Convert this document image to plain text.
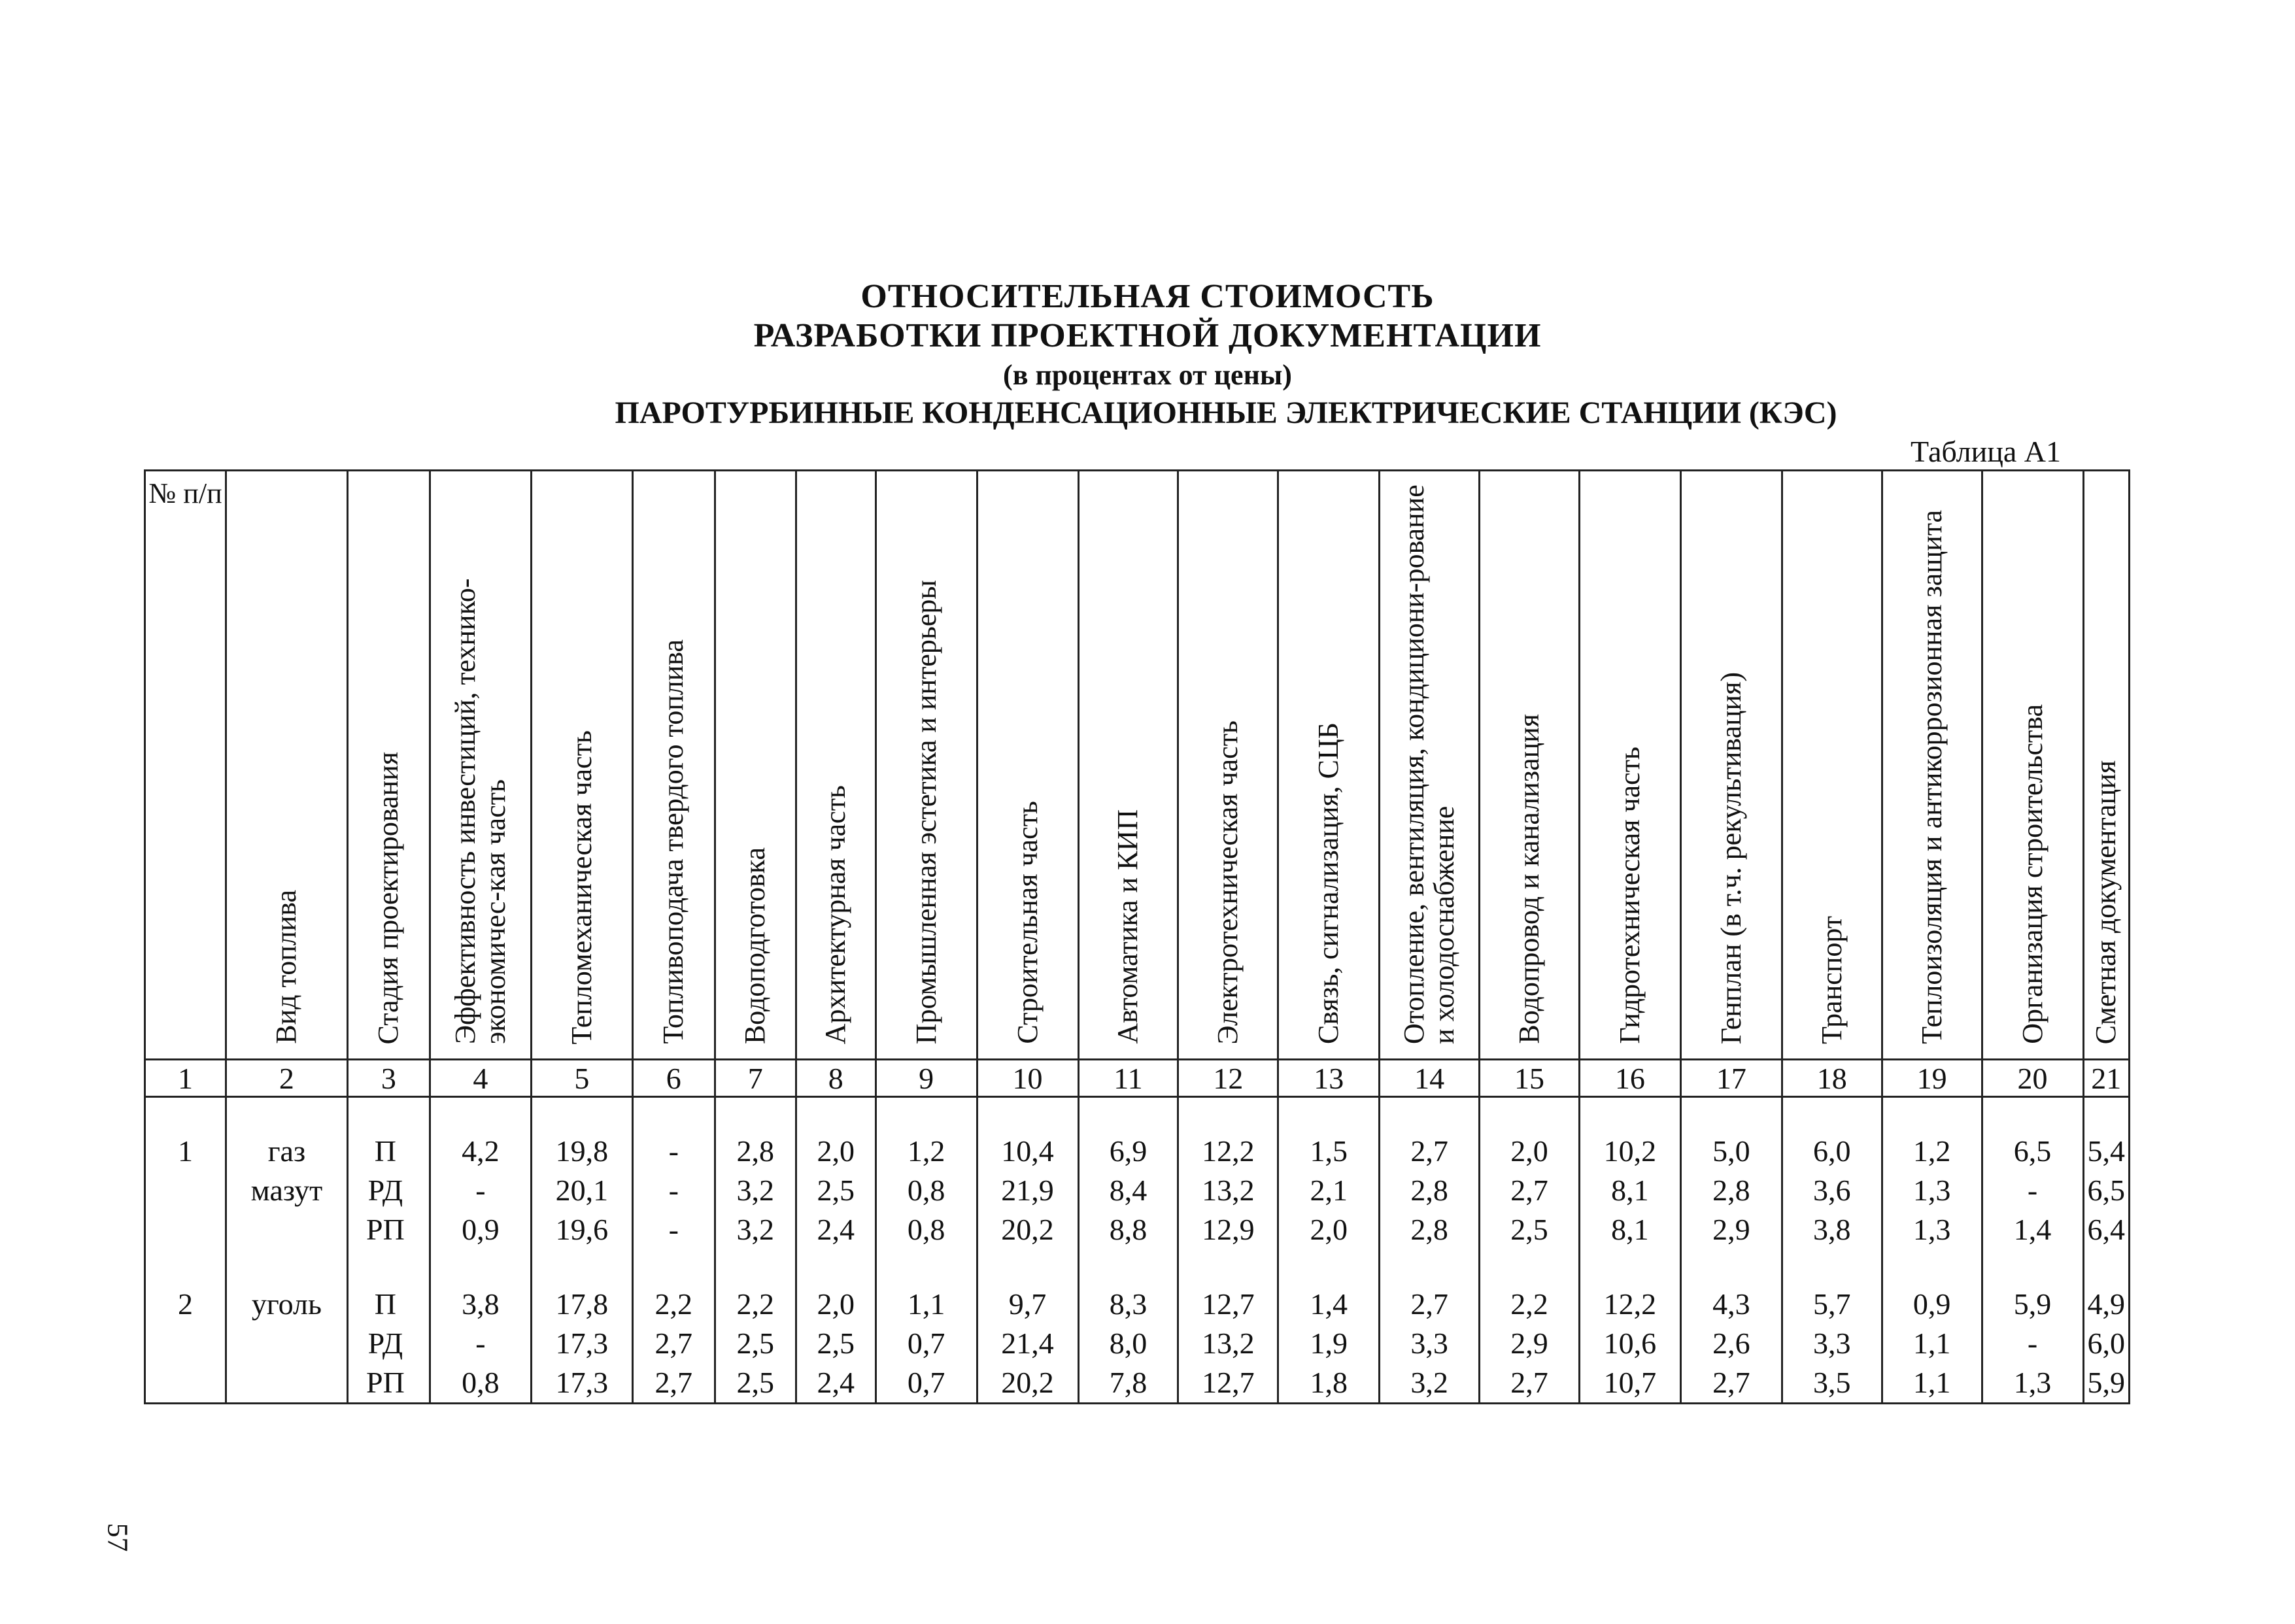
ОТНОСИТЕЛЬНАЯ СТОИМОСТЬ
РАЗРАБОТКИ ПРОЕКТНОЙ ДОКУМЕНТАЦИИ
(в процентах от цены)
ПАРОТУРБИННЫЕ КОНДЕНСАЦИОННЫЕ ЭЛЕКТРИЧЕСКИЕ СТАНЦИИ (КЭС)
Таблица А1
№ п/п	Вид топлива	Стадия проектирования	Эффективность инвестиций, технико-экономичес-кая часть	Тепломеханическая часть	Топливоподача твердого топлива	Водоподготовка	Архитектурная часть	Промышленная эстетика и интерьеры	Строительная часть	Автоматика и КИП	Электротехническая часть	Связь, сигнализация, СЦБ	Отопление, вентиляция, кондициони-рование и холодоснабжение	Водопровод и канализация	Гидротехническая часть	Генплан (в т.ч. рекультивация)	Транспорт	Теплоизоляция и антикоррозионная защита	Организация строительства	Сметная документация

1	2	3	4	5	6	7	8	9	10	11	12	13	14	15	16	17	18	19	20	21

1	газ	П	4,2	19,8	-	2,8	2,0	1,2	10,4	6,9	12,2	1,5	2,7	2,0	10,2	5,0	6,0	1,2	6,5	5,4
	мазут	РД	-	20,1	-	3,2	2,5	0,8	21,9	8,4	13,2	2,1	2,8	2,7	8,1	2,8	3,6	1,3	-	6,5
		РП	0,9	19,6	-	3,2	2,4	0,8	20,2	8,8	12,9	2,0	2,8	2,5	8,1	2,9	3,8	1,3	1,4	6,4

2	уголь	П	3,8	17,8	2,2	2,2	2,0	1,1	9,7	8,3	12,7	1,4	2,7	2,2	12,2	4,3	5,7	0,9	5,9	4,9
		РД	-	17,3	2,7	2,5	2,5	0,7	21,4	8,0	13,2	1,9	3,3	2,9	10,6	2,6	3,3	1,1	-	6,0
		РП	0,8	17,3	2,7	2,5	2,4	0,7	20,2	7,8	12,7	1,8	3,2	2,7	10,7	2,7	3,5	1,1	1,3	5,9
57
